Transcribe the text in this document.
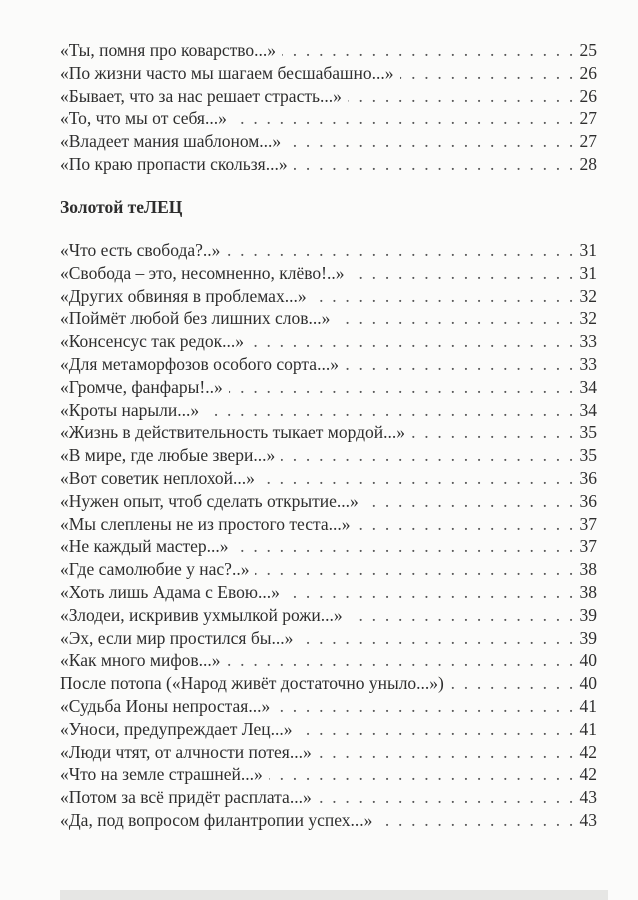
«Ты, помня про коварство...» . . .	25
«По жизни часто мы шагаем бесшабашно...» . . .	26
«Бывает, что за нас решает страсть...» . . .	26
«То, что мы от себя...» . . .	27
«Владеет мания шаблоном...» . . .	27
«По краю пропасти скользя...» . . .	28
Золотой теЛЕЦ
«Что есть свобода?..» . . .	31
«Свобода – это, несомненно, клёво!..» . . .	31
«Других обвиняя в проблемах...» . . .	32
«Поймёт любой без лишних слов...» . . .	32
«Консенсус так редок...» . . .	33
«Для метаморфозов особого сорта...» . . .	33
«Громче, фанфары!..» . . .	34
«Кроты нарыли...» . . .	34
«Жизнь в действительность тыкает мордой...» . . .	35
«В мире, где любые звери...» . . .	35
«Вот советик неплохой...» . . .	36
«Нужен опыт, чтоб сделать открытие...» . . .	36
«Мы слеплены не из простого теста...» . . .	37
«Не каждый мастер...» . . .	37
«Где самолюбие у нас?..» . . .	38
«Хоть лишь Адама с Евою...» . . .	38
«Злодеи, искривив ухмылкой рожи...» . . .	39
«Эх, если мир простился бы...» . . .	39
«Как много мифов...» . . .	40
После потопа («Народ живёт достаточно уныло...») . . .	40
«Судьба Ионы непростая...» . . .	41
«Уноси, предупреждает Лец...» . . .	41
«Люди чтят, от алчности потея...» . . .	42
«Что на земле страшней...» . . .	42
«Потом за всё придёт расплата...» . . .	43
«Да, под вопросом филантропии успех...» . . .	43
